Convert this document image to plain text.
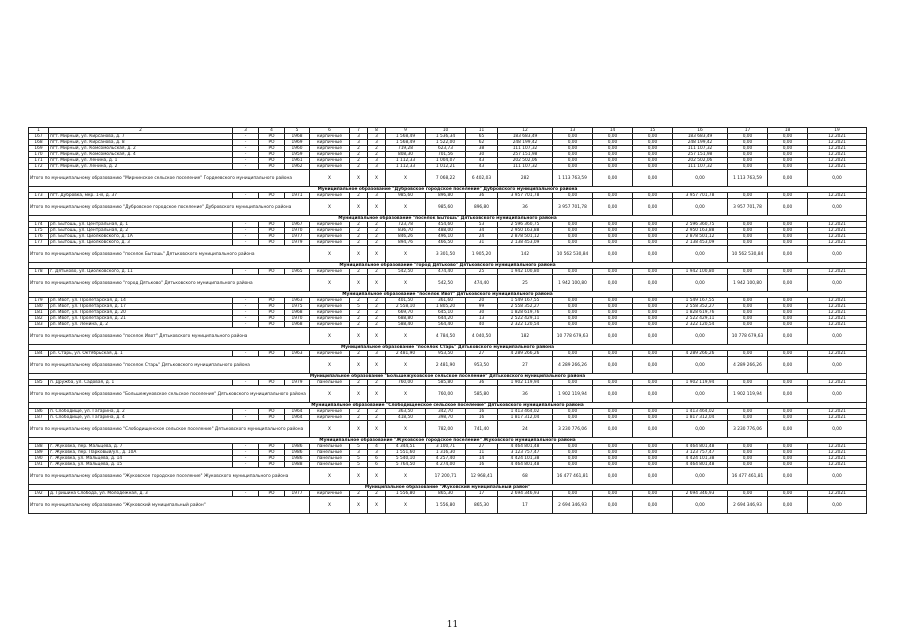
1	2	3	4	5	6	7	8	9	10	11	12	13	14	15	16	17	18	19
167	пгт. Мирный, ул. Кирсанова, д. 7	-	РО	1968	кирпичные	3	3	1 568,49	1 536,34	65	183 683,49	0,00	0,00	0,00	183 683,49	0,00	0,00	12.2021
168	пгт. Мирный, ул. Кирсанова, д. 8	-	РО	1969	кирпичные	3	3	1 568,49	1 522,00	62	248 199,42	0,00	0,00	0,00	248 199,42	0,00	0,00	12.2021
169	пгт. Мирный, ул. Комсомольская, д. 2	-	РО	1960	кирпичные	2	2	719,28	623,73	38	111 107,32	0,00	0,00	0,00	111 107,32	0,00	0,00	12.2021
170	пгт. Мирный, ул. Комсомольская, д. 4	-	РО	1959	кирпичные	2	2	808,30	701,56	30	257 151,98	0,00	0,00	0,00	257 151,98	0,00	0,00	12.2021
171	пгт. Мирный, ул. Ленина, д. 1	-	РО	1961	кирпичные	2	3	1 112,33	1 004,07	43	202 502,06	0,00	0,00	0,00	202 502,06	0,00	0,00	12.2021
172	пгт. Мирный, ул. Ленина, д. 2	-	РО	1962	кирпичные	2	3	1 112,33	1 012,21	43	111 107,32	0,00	0,00	0,00	111 107,32	0,00	0,00	12.2021
Итого по муниципальному образованию "Мирнинское сельское поселение" Гордеевского муниципального района					X	X	X	X	7 068,22	6 402,03	282	1 113 763,59	0,00	0,00	0,00	1 113 763,59	0,00	0,00
Муниципальное образование "Дубровское городское поселение" Дубровского муниципального района																		
173	пгт. Дубровка, мкр. 1-й, д. 37	-	РО	1971	кирпичные	2	3	985,60	896,80	36	3 957 701,78	0,00	0,00	0,00	3 957 701,78	0,00	0,00	12.2021
Итого по муниципальному образованию "Дубровское городское поселение" Дубровского муниципального района					X	X	X	X	985,60	896,80	36	3 957 701,78	0,00	0,00	0,00	3 957 701,78	0,00	0,00
Муниципальное образование "поселок Бытошь" Дятьковского муниципального района																		
174	рп. Бытошь, ул. Центральная, д. 1	-	РО	1967	кирпичные	2	2	723,78	454,60	53	2 596 360,75	0,00	0,00	0,00	2 596 360,75	0,00	0,00	12.2021
175	рп. Бытошь, ул. Центральная, д. 2	-	РО	1970	кирпичные	2	2	836,70	488,00	34	2 950 163,88	0,00	0,00	0,00	2 950 163,88	0,00	0,00	12.2021
176	рп. Бытошь, ул. Циолковского, д. 1А	-	РО	1977	кирпичные	2	2	846,26	496,10	24	2 878 501,12	0,00	0,00	0,00	2 878 501,12	0,00	0,00	12.2021
177	рп. Бытошь, ул. Циолковского, д. 3	-	РО	1979	кирпичные	2	2	894,76	466,50	31	2 138 453,09	0,00	0,00	0,00	2 138 453,09	0,00	0,00	12.2021
Итого по муниципальному образованию "поселок Бытошь" Дятьковского муниципального района					X	X	X	X	3 301,50	1 905,20	142	10 562 530,84	0,00	0,00	0,00	10 562 530,84	0,00	0,00
Муниципальное образование "город Дятьково" Дятьковского муниципального района																		
178	г. Дятьково, ул. Циолковского, д. 11	-	РО	1965	кирпичные	2	2	542,50	474,40	25	1 942 100,80	0,00	0,00	0,00	1 942 100,80	0,00	0,00	12.2021
Итого по муниципальному образованию "город Дятьково" Дятьковского муниципального района					X	X	X	X	542,50	474,40	25	1 942 100,80	0,00	0,00	0,00	1 942 100,80	0,00	0,00
Муниципальное образование "поселок Ивот" Дятьковского муниципального района																		
179	рп. Ивот, ул. Пролетарская, д. 14	-	РО	1963	кирпичные	2	2	401,50	361,60	20	1 549 167,55	0,00	0,00	0,00	1 549 167,55	0,00	0,00	12.2021
180	рп. Ивот, ул. Пролетарская, д. 17	-	РО	1975	кирпичные	5	2	2 558,10	1 805,20	99	2 558 352,27	0,00	0,00	0,00	2 558 352,27	0,00	0,00	12.2021
181	рп. Ивот, ул. Пролетарская, д. 20	-	РО	1968	кирпичные	2	2	669,70	645,10	30	1 828 619,76	0,00	0,00	0,00	1 828 619,76	0,00	0,00	12.2021
182	рп. Ивот, ул. Пролетарская, д. 21	-	РО	1970	кирпичные	2	2	688,80	644,20	13	2 522 429,11	0,00	0,00	0,00	2 522 429,11	0,00	0,00	12.2021
183	рп. Ивот, ул. Ленина, д. 2	-	РО	1968	кирпичные	2	2	588,40	564,40	40	2 322 120,54	0,00	0,00	0,00	2 322 120,54	0,00	0,00	12.2021
Итого по муниципальному образованию "поселок Ивот" Дятьковского муниципального района					X	X	X	X	4 784,50	4 040,50	182	10 778 679,63	0,00	0,00	0,00	10 778 679,63	0,00	0,00
Муниципальное образование "поселок Старь" Дятьковского муниципального района																		
184	рп. Старь, ул. Октябрьская, д. 1	-	РО	1963	кирпичные	2	3	2 481,90	953,50	27	4 289 266,26	0,00	0,00	0,00	4 289 266,26	0,00	0,00	12.2021
Итого по муниципальному образованию "поселок Старь" Дятьковского муниципального района					X	X	X	X	2 481,90	953,50	27	4 289 266,26	0,00	0,00	0,00	4 289 266,26	0,00	0,00
Муниципальное образование "Большежуковское сельское поселение" Дятьковского муниципального района																		
185	п. Дружба, ул. Садовая, д. 1	-	РО	1979	панельные	2	2	760,00	585,80	36	1 902 119,94	0,00	0,00	0,00	1 902 119,94	0,00	0,00	12.2021
Итого по муниципальному образованию "Большежуковское сельское поселение" Дятьковского муниципального района					X	X	X	X	760,00	585,80	36	1 902 119,94	0,00	0,00	0,00	1 902 119,94	0,00	0,00
Муниципальное образование "Слободищенское сельское поселение" Дятьковского муниципального района																		
186	п. Слободище, ул. Гагарина, д. 2	-	РО	1964	кирпичные	2	2	363,50	342,70	16	1 413 464,02	0,00	0,00	0,00	1 413 464,02	0,00	0,00	12.2021
187	п. Слободище, ул. Гагарина, д. 4	-	РО	1964	кирпичные	2	2	418,50	398,70	16	1 817 312,04	0,00	0,00	0,00	1 817 312,04	0,00	0,00	12.2021
Итого по муниципальному образованию "Слободищенское сельское поселение" Дятьковского муниципального района					X	X	X	X	782,00	741,40	24	3 230 776,06	0,00	0,00	0,00	3 230 776,06	0,00	0,00
Муниципальное образование "Жуковское городское поселение" Жуковского муниципального района																		
188	г. Жуковка, пер. Мальцева, д. 7	-	РО	1986	панельные	5	4	4 344,51	3 100,71	27	4 464 801,48	0,00	0,00	0,00	4 464 801,48	0,00	0,00	12.2021
189	г. Жуковка, пер. Парковый/ул., д. 10А	-	РО	1986	панельные	3	3	1 551,60	1 316,30	11	3 123 757,47	0,00	0,00	0,00	3 123 757,47	0,00	0,00	12.2021
190	г. Жуковка, ул. Мальцева, д. 14	-	РО	1986	панельные	5	6	5 540,10	4 257,40	14	4 424 101,38	0,00	0,00	0,00	4 424 101,38	0,00	0,00	12.2021
191	г. Жуковка, ул. Мальцева, д. 15	-	РО	1988	панельные	5	6	5 764,50	4 274,00	16	4 464 801,48	0,00	0,00	0,00	4 464 801,48	0,00	0,00	12.2021
Итого по муниципальному образованию "Жуковское городское поселение" Жуковского муниципального района					X	X	X	X	17 200,71	12 968,41	68	16 477 461,81	0,00	0,00	0,00	16 477 461,81	0,00	0,00
Муниципальное образование "Жуковский муниципальный район"																		
192	д. Гришина Слобода, ул. Молодежная, д. 3	-	РО	1977	кирпичные	2	2	1 556,80	865,30	17	2 694 346,93	0,00	0,00	0,00	2 694 346,93	0,00	0,00	12.2021
Итого по муниципальному образованию "Жуковский муниципальный район"					X	X	X	X	1 556,80	865,30	17	2 694 346,93	0,00	0,00	0,00	2 694 346,93	0,00	0,00
11
